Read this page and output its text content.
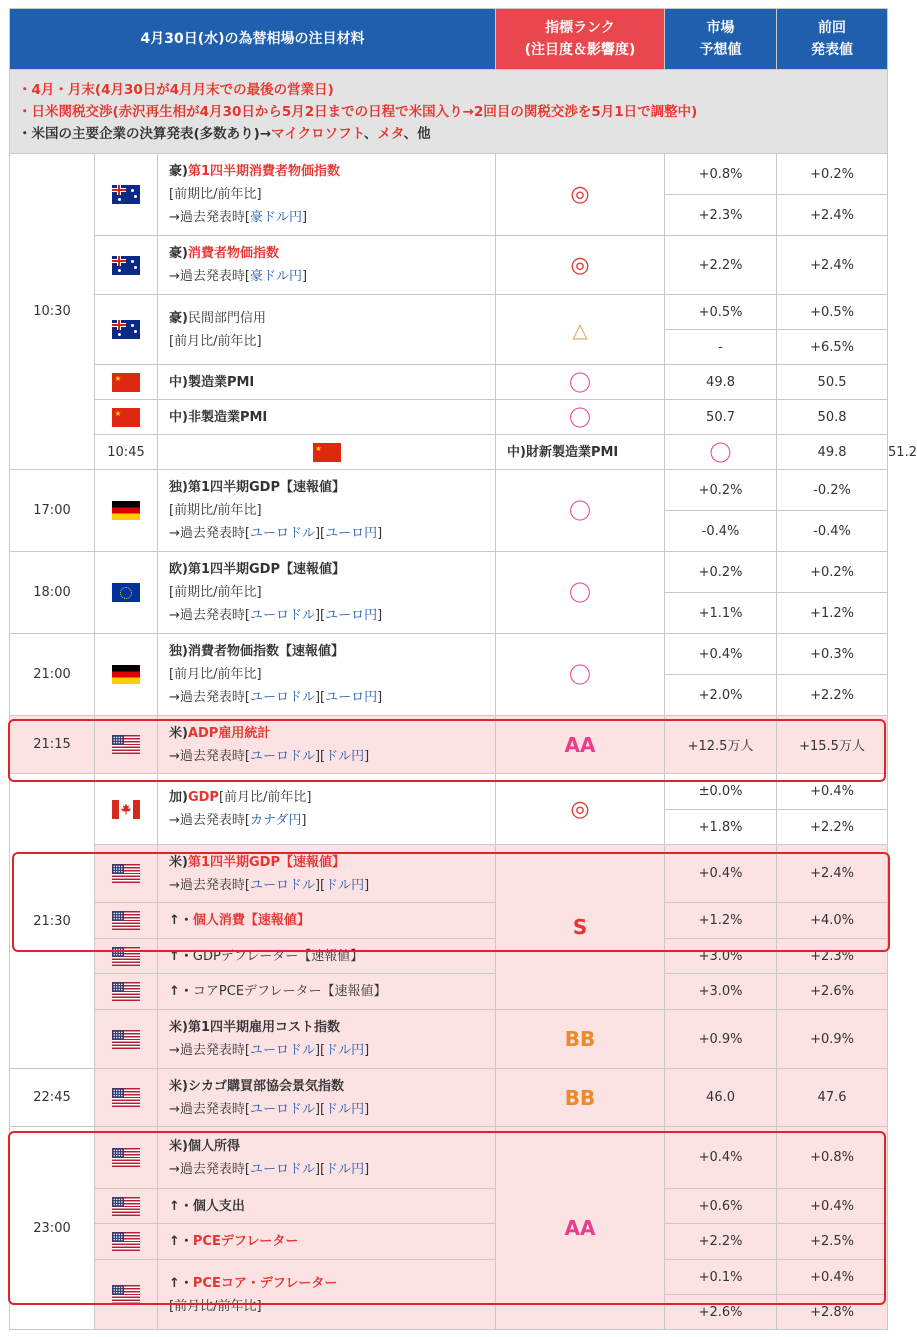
4月30日(水)の為替相場の注目材料			指標ランク
(注目度＆影響度)	市場
予想値	前回
発表値	

・4月・月末(4月30日が4月月末での最後の営業日)
・日米関税交渉(赤沢再生相が4月30日から5月2日までの日程で米国入り→2回目の関税交渉を5月1日で調整中)
・米国の主要企業の決算発表(多数あり)→マイクロソフト、メタ、他						

10:30		豪)第1四半期消費者物価指数
[前期比/前年比]
→過去発表時[豪ドル円]	◎	+0.8%	+0.2%	
				+2.3%	+2.4%	

		豪)消費者物価指数
→過去発表時[豪ドル円]	◎	+2.2%	+2.4%	

		豪)民間部門信用
[前月比/前年比]	△	+0.5%	+0.5%	
				-	+6.5%	
		中)製造業PMI	〇	49.8	50.5	
		中)非製造業PMI	〇	50.7	50.8	
	10:45		中)財新製造業PMI	〇	49.8	51.2
17:00		独)第1四半期GDP【速報値】
[前期比/前年比]
→過去発表時[ユーロドル][ユーロ円]	〇	+0.2%	-0.2%	
				-0.4%	-0.4%	
18:00		欧)第1四半期GDP【速報値】
[前期比/前年比]
→過去発表時[ユーロドル][ユーロ円]	〇	+0.2%	+0.2%	
				+1.1%	+1.2%	
21:00		独)消費者物価指数【速報値】
[前月比/前年比]
→過去発表時[ユーロドル][ユーロ円]	〇	+0.4%	+0.3%	
				+2.0%	+2.2%	
21:15		米)ADP雇用統計
→過去発表時[ユーロドル][ドル円]	AA	+12.5万人	+15.5万人	
21:30		加)GDP[前月比/前年比]
→過去発表時[カナダ円]	◎	±0.0%	+0.4%	
				+1.8%	+2.2%	
		米)第1四半期GDP【速報値】
→過去発表時[ユーロドル][ドル円]	S	+0.4%	+2.4%	
		↑・個人消費【速報値】		+1.2%	+4.0%	
		↑・GDPデフレーター【速報値】		+3.0%	+2.3%	
		↑・コアPCEデフレーター【速報値】		+3.0%	+2.6%	
		米)第1四半期雇用コスト指数
→過去発表時[ユーロドル][ドル円]	BB	+0.9%	+0.9%	
22:45		米)シカゴ購買部協会景気指数
→過去発表時[ユーロドル][ドル円]	BB	46.0	47.6	
23:00		米)個人所得
→過去発表時[ユーロドル][ドル円]	AA	+0.4%	+0.8%	
		↑・個人支出		+0.6%	+0.4%	
		↑・PCEデフレーター		+2.2%	+2.5%	
		↑・PCEコア・デフレーター
[前月比/前年比]		+0.1%	+0.4%	
				+2.6%	+2.8%	
